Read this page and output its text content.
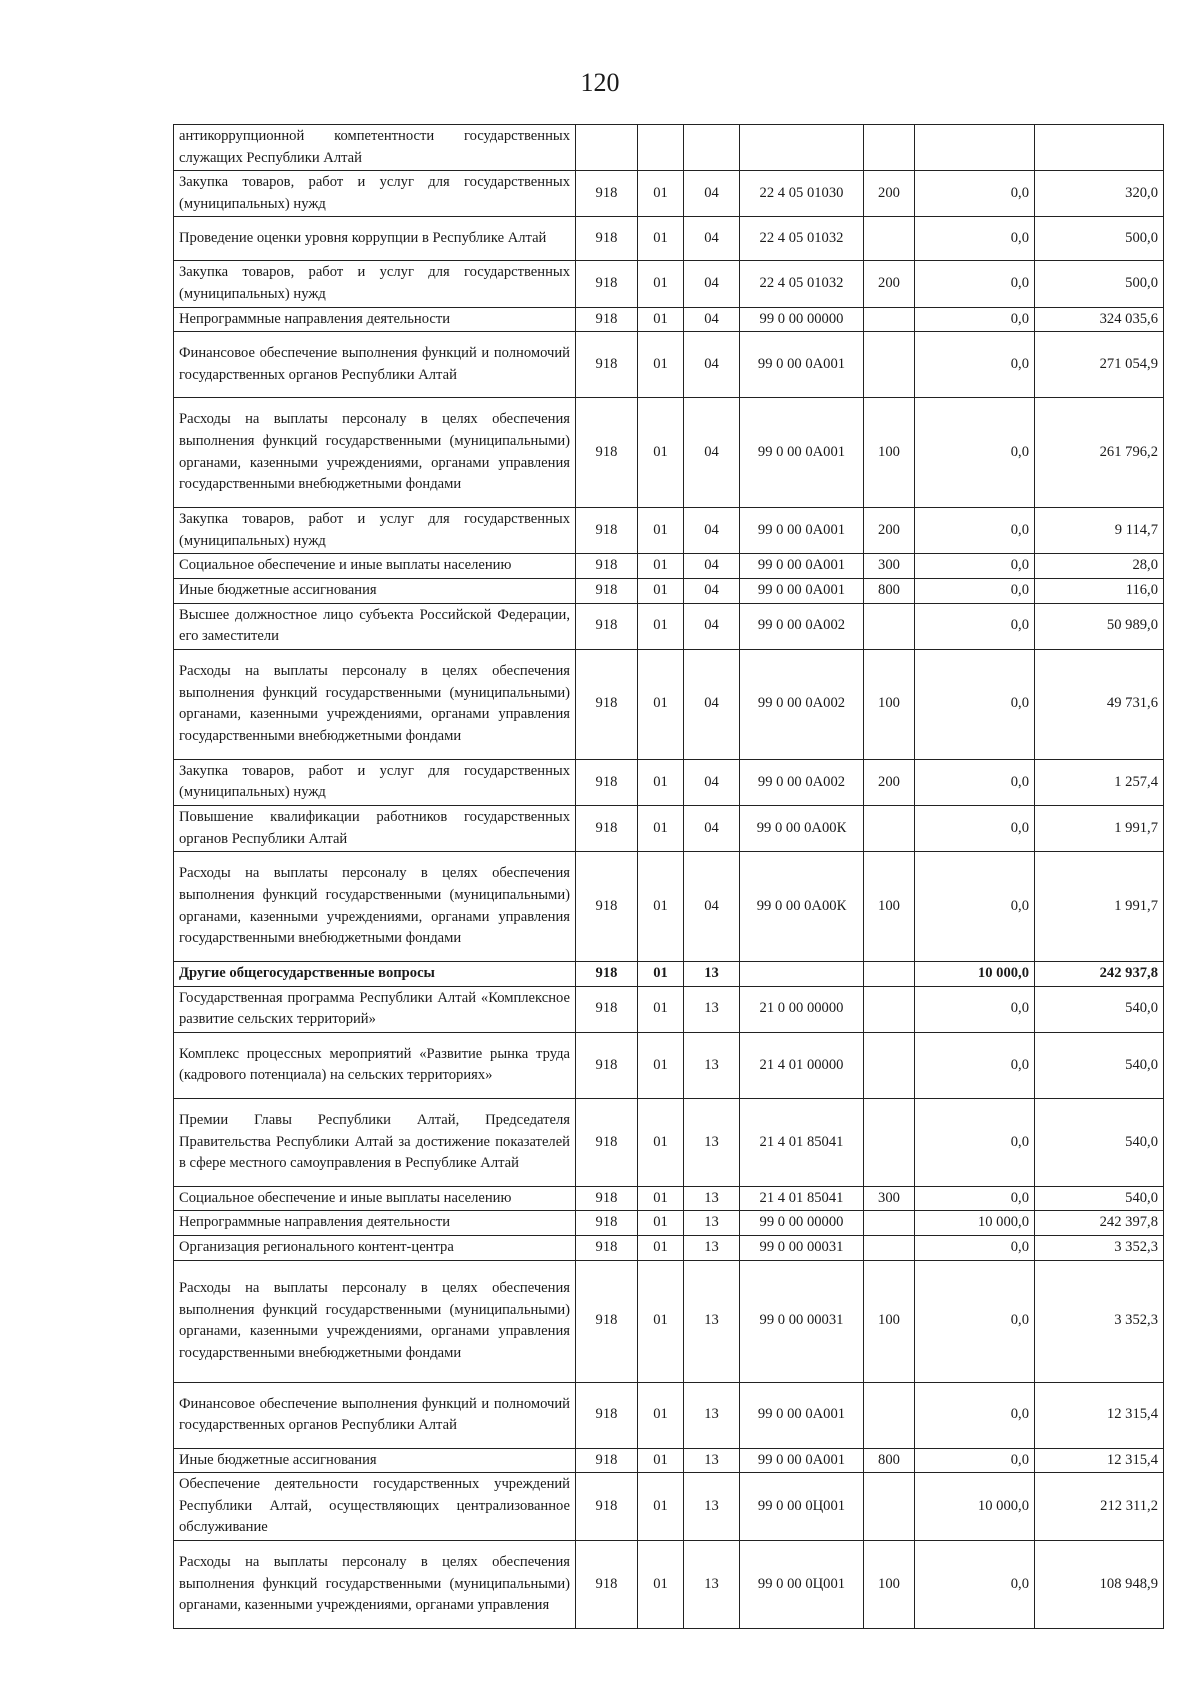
120
антикоррупционной компетентности государственных служащих Республики Алтай							
Закупка товаров, работ и услуг для государственных (муниципальных) нужд	918	01	04	22 4 05 01030	200	0,0	320,0
Проведение оценки уровня коррупции в Республике Алтай	918	01	04	22 4 05 01032		0,0	500,0
Закупка товаров, работ и услуг для государственных (муниципальных) нужд	918	01	04	22 4 05 01032	200	0,0	500,0
Непрограммные направления деятельности	918	01	04	99 0 00 00000		0,0	324 035,6
Финансовое обеспечение выполнения функций и полномочий государственных органов Республики Алтай	918	01	04	99 0 00 0А001		0,0	271 054,9
Расходы на выплаты персоналу в целях обеспечения выполнения функций государственными (муниципальными) органами, казенными учреждениями, органами управления государственными внебюджетными фондами	918	01	04	99 0 00 0А001	100	0,0	261 796,2
Закупка товаров, работ и услуг для государственных (муниципальных) нужд	918	01	04	99 0 00 0А001	200	0,0	9 114,7
Социальное обеспечение и иные выплаты населению	918	01	04	99 0 00 0А001	300	0,0	28,0
Иные бюджетные ассигнования	918	01	04	99 0 00 0А001	800	0,0	116,0
Высшее должностное лицо субъекта Российской Федерации, его заместители	918	01	04	99 0 00 0А002		0,0	50 989,0
Расходы на выплаты персоналу в целях обеспечения выполнения функций государственными (муниципальными) органами, казенными учреждениями, органами управления государственными внебюджетными фондами	918	01	04	99 0 00 0А002	100	0,0	49 731,6
Закупка товаров, работ и услуг для государственных (муниципальных) нужд	918	01	04	99 0 00 0А002	200	0,0	1 257,4
Повышение квалификации работников государственных органов Республики Алтай	918	01	04	99 0 00 0А00К		0,0	1 991,7
Расходы на выплаты персоналу в целях обеспечения выполнения функций государственными (муниципальными) органами, казенными учреждениями, органами управления государственными внебюджетными фондами	918	01	04	99 0 00 0А00К	100	0,0	1 991,7
Другие общегосударственные вопросы	918	01	13			10 000,0	242 937,8
Государственная программа Республики Алтай «Комплексное развитие сельских территорий»	918	01	13	21 0 00 00000		0,0	540,0
Комплекс процессных мероприятий «Развитие рынка труда (кадрового потенциала) на сельских территориях»	918	01	13	21 4 01 00000		0,0	540,0
Премии Главы Республики Алтай, Председателя Правительства Республики Алтай за достижение показателей в сфере местного самоуправления в Республике Алтай	918	01	13	21 4 01 85041		0,0	540,0
Социальное обеспечение и иные выплаты населению	918	01	13	21 4 01 85041	300	0,0	540,0
Непрограммные направления деятельности	918	01	13	99 0 00 00000		10 000,0	242 397,8
Организация регионального контент-центра	918	01	13	99 0 00 00031		0,0	3 352,3
Расходы на выплаты персоналу в целях обеспечения выполнения функций государственными (муниципальными) органами, казенными учреждениями, органами управления государственными внебюджетными фондами	918	01	13	99 0 00 00031	100	0,0	3 352,3
Финансовое обеспечение выполнения функций и полномочий государственных органов Республики Алтай	918	01	13	99 0 00 0А001		0,0	12 315,4
Иные бюджетные ассигнования	918	01	13	99 0 00 0А001	800	0,0	12 315,4
Обеспечение деятельности государственных учреждений Республики Алтай, осуществляющих централизованное обслуживание	918	01	13	99 0 00 0Ц001		10 000,0	212 311,2
Расходы на выплаты персоналу в целях обеспечения выполнения функций государственными (муниципальными) органами, казенными учреждениями, органами управления	918	01	13	99 0 00 0Ц001	100	0,0	108 948,9
